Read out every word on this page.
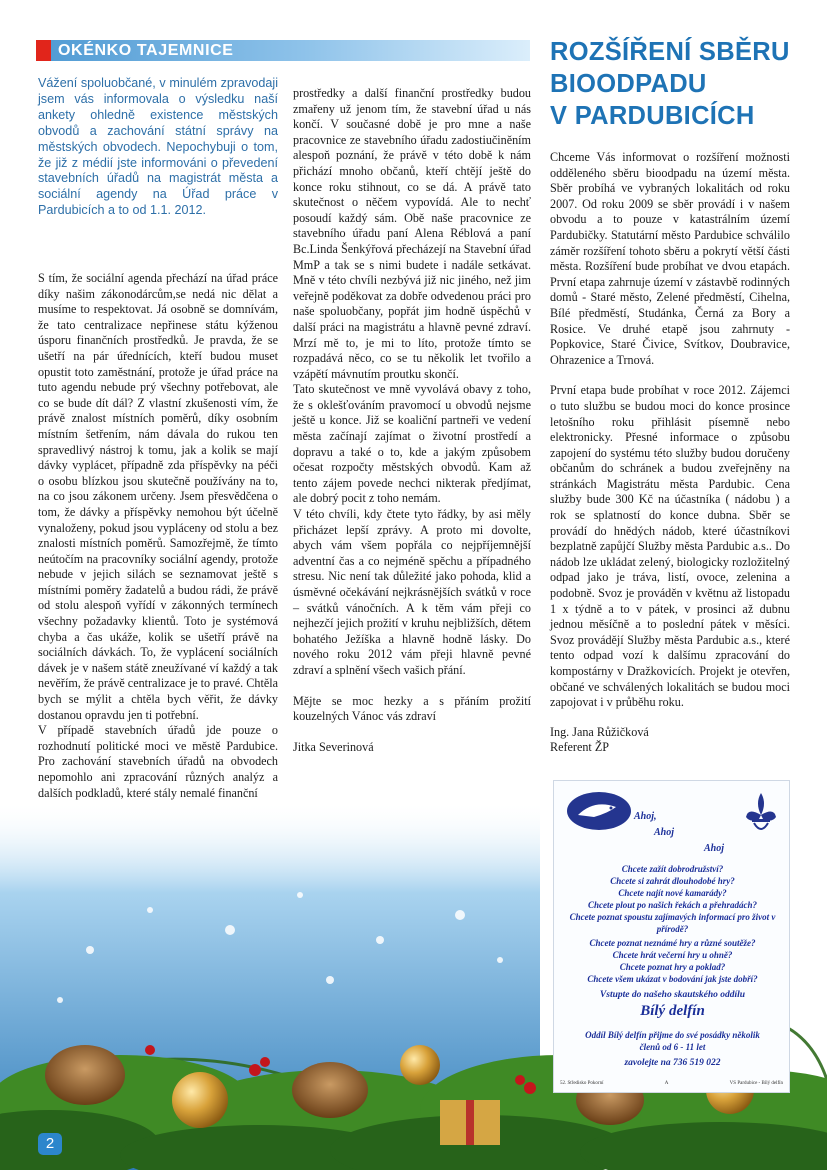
OKÉNKO TAJEMNICE

Vážení spoluobčané, v minulém zpravodaji jsem vás informovala o výsledku naší ankety ohledně existence městských obvodů a zachování státní správy na městských obvodech. Nepochybuji o tom, že již z médií jste informováni o převedení stavebních úřadů na magistrát města a sociální agendy na Úřad práce v Pardubicích a to od 1.1. 2012.

S tím, že sociální agenda přechází na úřad práce díky našim zákonodárcům,se nedá nic dělat a musíme to respektovat. Já osobně se domnívám, že tato centralizace nepřinese státu kýženou úsporu finančních prostředků. Je pravda, že se ušetří na pár úřednících, kteří budou muset opustit toto zaměstnání, protože je úřad práce na tuto agendu nebude prý všechny potřebovat, ale co se bude dít dál? Z vlastní zkušenosti vím, že právě znalost místních poměrů, díky osobním místním šetřením, nám dávala do rukou ten spravedlivý nástroj k tomu, jak a kolik se mají dávky vyplácet, případně zda příspěvky na péči o osobu blízkou jsou skutečně používány na to, na co jsou zákonem určeny. Jsem přesvědčena o tom, že dávky a příspěvky nemohou být účelně vynaloženy, pokud jsou vypláceny od stolu a bez znalosti místních poměrů. Samozřejmě, že tímto neútočím na pracovníky sociální agendy, protože nebude v jejich silách se seznamovat ještě s místními poměry žadatelů a budou rádi, že právě od stolu alespoň vyřídí v zákonných termínech všechny požadavky klientů. Toto je systémová chyba a čas ukáže, kolik se ušetří právě na sociálních dávkách. To, že vyplácení sociálních dávek je v našem státě zneužívané ví každý a tak nevěřím, že právě centralizace je to pravé. Chtěla bych se mýlit a chtěla bych věřit, že dávky dostanou opravdu jen ti potřební.

V případě stavebních úřadů jde pouze o rozhodnutí politické moci ve městě Pardubice. Pro zachování stavebních úřadů na obvodech nepomohlo ani zpracování různých analýz a dalších podkladů, které stály nemalé finanční

prostředky a další finanční prostředky budou zmařeny už jenom tím, že stavební úřad u nás končí. V současné době je pro mne a naše pracovnice ze stavebního úřadu zadostiučiněním alespoň poznání, že právě v této době k nám přichází mnoho občanů, kteří chtějí ještě do konce roku stihnout, co se dá. A právě tato skutečnost o něčem vypovídá. Ale to nechť posoudí každý sám. Obě naše pracovnice ze stavebního úřadu paní Alena Réblová a paní Bc.Linda Šenkýřová přecházejí na Stavební úřad MmP a tak se s nimi budete i nadále setkávat. Mně v této chvíli nezbývá již nic jiného, než jim veřejně poděkovat za dobře odvedenou práci pro naše spoluobčany, popřát jim hodně úspěchů v další práci na magistrátu a hlavně pevné zdraví. Mrzí mě to, je mi to líto, protože tímto se rozpadává něco, co se tu několik let tvořilo a vzápětí mávnutím proutku skončí.

Tato skutečnost ve mně vyvolává obavy z toho, že s oklešťováním pravomocí u obvodů nejsme ještě u konce. Již se koaliční partneři ve vedení města začínají zajímat o životní prostředí a dopravu a také o to, kde a jakým způsobem očesat rozpočty městských obvodů. Kam až tento zájem povede nechci nikterak předjímat, ale dobrý pocit z toho nemám.

V této chvíli, kdy čtete tyto řádky, by asi měly přicházet lepší zprávy. A proto mi dovolte, abych vám všem popřála co nejpříjemnější adventní čas a co nejméně spěchu a případného stresu. Nic není tak důležité jako pohoda, klid a úsměvné očekávání nejkrásnějších svátků v roce – svátků vánočních. A k těm vám přeji co nejhezčí jejich prožití v kruhu nejbližších, dětem bohatého Ježíška a hlavně hodně lásky. Do nového roku 2012 vám přeji hlavně pevné zdraví a splnění všech vašich přání.

Mějte se moc hezky a s přáním prožití kouzelných Vánoc vás zdraví

Jitka Severinová

ROZŠÍŘENÍ SBĚRU
BIOODPADU
V PARDUBICÍCH

Chceme Vás informovat o rozšíření možnosti odděleného sběru bioodpadu na území města. Sběr probíhá ve vybraných lokalitách od roku 2007. Od roku 2009 se sběr provádí i v našem obvodu a to pouze v katastrálním území Pardubičky. Statutární město Pardubice schválilo záměr rozšíření tohoto sběru a pokrytí větší části města. Rozšíření bude probíhat ve dvou etapách. První etapa zahrnuje území v zástavbě rodinných domů - Staré město, Zelené předměstí, Cihelna, Bílé předměstí, Studánka, Černá za Bory a Rosice. Ve druhé etapě jsou zahrnuty - Popkovice, Staré Čivice, Svítkov, Doubravice, Ohrazenice a Trnová.

První etapa bude probíhat v roce 2012. Zájemci o tuto službu se budou moci do konce prosince letošního roku přihlásit písemně nebo elektronicky. Přesné informace o způsobu zapojení do systému této služby budou doručeny občanům do schránek a budou zveřejněny na stránkách Magistrátu města Pardubic. Cena služby bude 300 Kč na účastníka ( nádobu ) a rok se splatností do konce dubna. Sběr se provádí do hnědých nádob, které účastníkovi bezplatně zapůjčí Služby města Pardubic a.s.. Do nádob lze ukládat zelený, biologicky rozložitelný odpad jako je tráva, listí, ovoce, zelenina a podobně. Svoz je prováděn v květnu až listopadu 1 x týdně a to v pátek, v prosinci až dubnu jednou měsíčně a to poslední pátek v měsíci. Svoz provádějí Služby města Pardubic a.s., které tento odpad vozí k dalšímu zpracování do kompostárny v Dražkovicích. Projekt je otevřen, občané ve schválených lokalitách se budou moci zapojovat i v průběhu roku.

Ing. Jana Růžičková

Referent ŽP

Ahoj,
Ahoj
Ahoj
Chcete zažít dobrodružství?
Chcete si zahrát dlouhodobé hry?
Chcete najít nové kamarády?
Chcete plout po našich řekách a přehradách?
Chcete poznat spoustu zajímavých informací pro život v přírodě?
Chcete poznat neznámé hry a různé soutěže?
Chcete hrát večerní hry u ohně?
Chcete poznat hry a poklad?
Chcete všem ukázat v bodování jak jste dobří?
Vstupte do našeho skautského oddílu
Bílý delfín
Oddíl Bílý delfín přijme do své posádky několik členů od 6 - 11 let
zavolejte na 736 519 022
52. Středisko Pokorní	A	VS Pardubice - Bílý delfín
2
